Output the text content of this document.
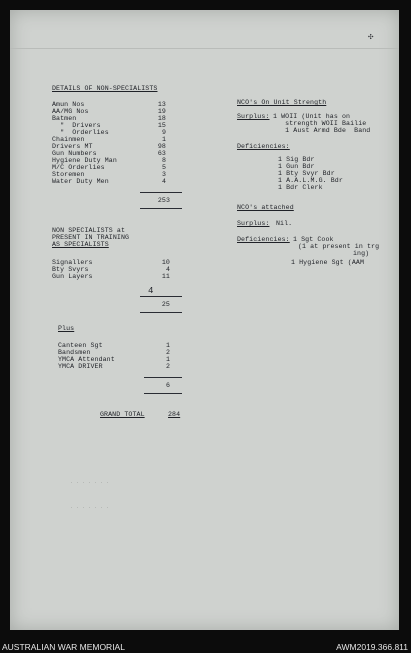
DETAILS OF NON-SPECIALISTS
Amun Nos	13
AA/MG Nos	19
Batmen	18
"  Drivers	15
"  Orderlies	9
Chainmen	1
Drivers MT	98
Gun Numbers	63
Hygiene Duty Man	8
M/C Orderlies	5
Storemen	3
Water Duty Men	4
253
NON SPECIALISTS at
PRESENT IN TRAINING
AS SPECIALISTS
Signallers	10
Bty Svyrs	4
Gun Layers	11
4
25
Plus
Canteen Sgt	1
Bandsmen	2
YMCA Attendant	1
YMCA DRIVER	2
6
GRAND TOTAL	284
NCO's On Unit Strength
Surplus: 1 WOII (Unit has on
strength WOII Bailie
1 Aust Armd Bde  Band
Deficiencies:
1 Sig Bdr
1 Gun Bdr
1 Bty Svyr Bdr
1 A.A.L.M.G. Bdr
1 Bdr Clerk
NCO's attached
Surplus: Nil.
Deficiencies: 1 Sgt Cook
(1 at present in trg
ing)
1 Hygiene Sgt (AAM
✣
· · · · · · ·
· · · · · · ·
AUSTRALIAN WAR MEMORIAL	AWM2019.366.811
